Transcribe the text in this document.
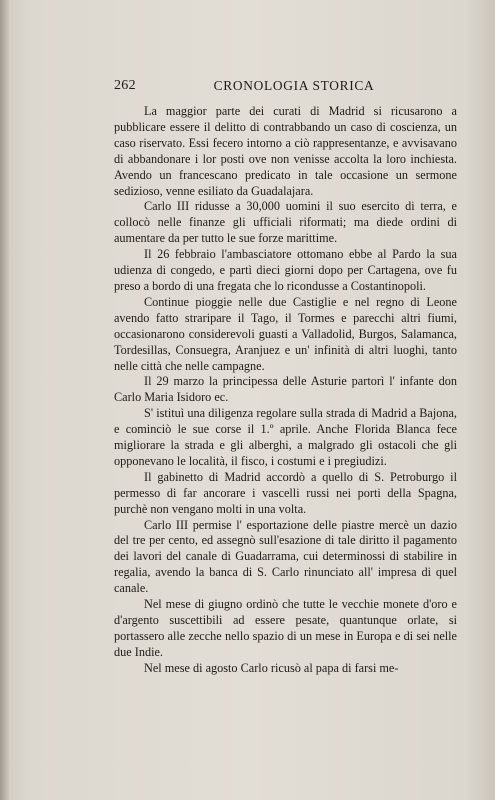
262	CRONOLOGIA STORICA

La maggior parte dei curati di Madrid si ricusarono a pubblicare essere il delitto di contrabbando un caso di coscienza, un caso riservato. Essi fecero intorno a ciò rappresentanze, e avvisavano di abbandonare i lor posti ove non venisse accolta la loro inchiesta. Avendo un francescano predicato in tale occasione un sermone sedizioso, venne esiliato da Guadalajara.

Carlo III ridusse a 30,000 uomini il suo esercito di terra, e collocò nelle finanze gli ufficiali riformati; ma diede ordini di aumentare da per tutto le sue forze marittime.

Il 26 febbraio l'ambasciatore ottomano ebbe al Pardo la sua udienza di congedo, e partì dieci giorni dopo per Cartagena, ove fu preso a bordo di una fregata che lo ricondusse a Costantinopoli.

Continue pioggie nelle due Castiglie e nel regno di Leone avendo fatto straripare il Tago, il Tormes e parecchi altri fiumi, occasionarono considerevoli guasti a Valladolid, Burgos, Salamanca, Tordesillas, Consuegra, Aranjuez e un' infinità di altri luoghi, tanto nelle città che nelle campagne.

Il 29 marzo la principessa delle Asturie partorì l' infante don Carlo Maria Isidoro ec.

S' istituì una diligenza regolare sulla strada di Madrid a Bajona, e cominciò le sue corse il 1.º aprile. Anche Florida Blanca fece migliorare la strada e gli alberghi, a malgrado gli ostacoli che gli opponevano le località, il fisco, i costumi e i pregiudizi.

Il gabinetto di Madrid accordò a quello di S. Petroburgo il permesso di far ancorare i vascelli russi nei porti della Spagna, purchè non vengano molti in una volta.

Carlo III permise l' esportazione delle piastre mercè un dazio del tre per cento, ed assegnò sull'esazione di tale diritto il pagamento dei lavori del canale di Guadarrama, cui determinossi di stabilire in regalia, avendo la banca di S. Carlo rinunciato all' impresa di quel canale.

Nel mese di giugno ordinò che tutte le vecchie monete d'oro e d'argento suscettibili ad essere pesate, quantunque orlate, si portassero alle zecche nello spazio di un mese in Europa e di sei nelle due Indie.

Nel mese di agosto Carlo ricusò al papa di farsi me-
